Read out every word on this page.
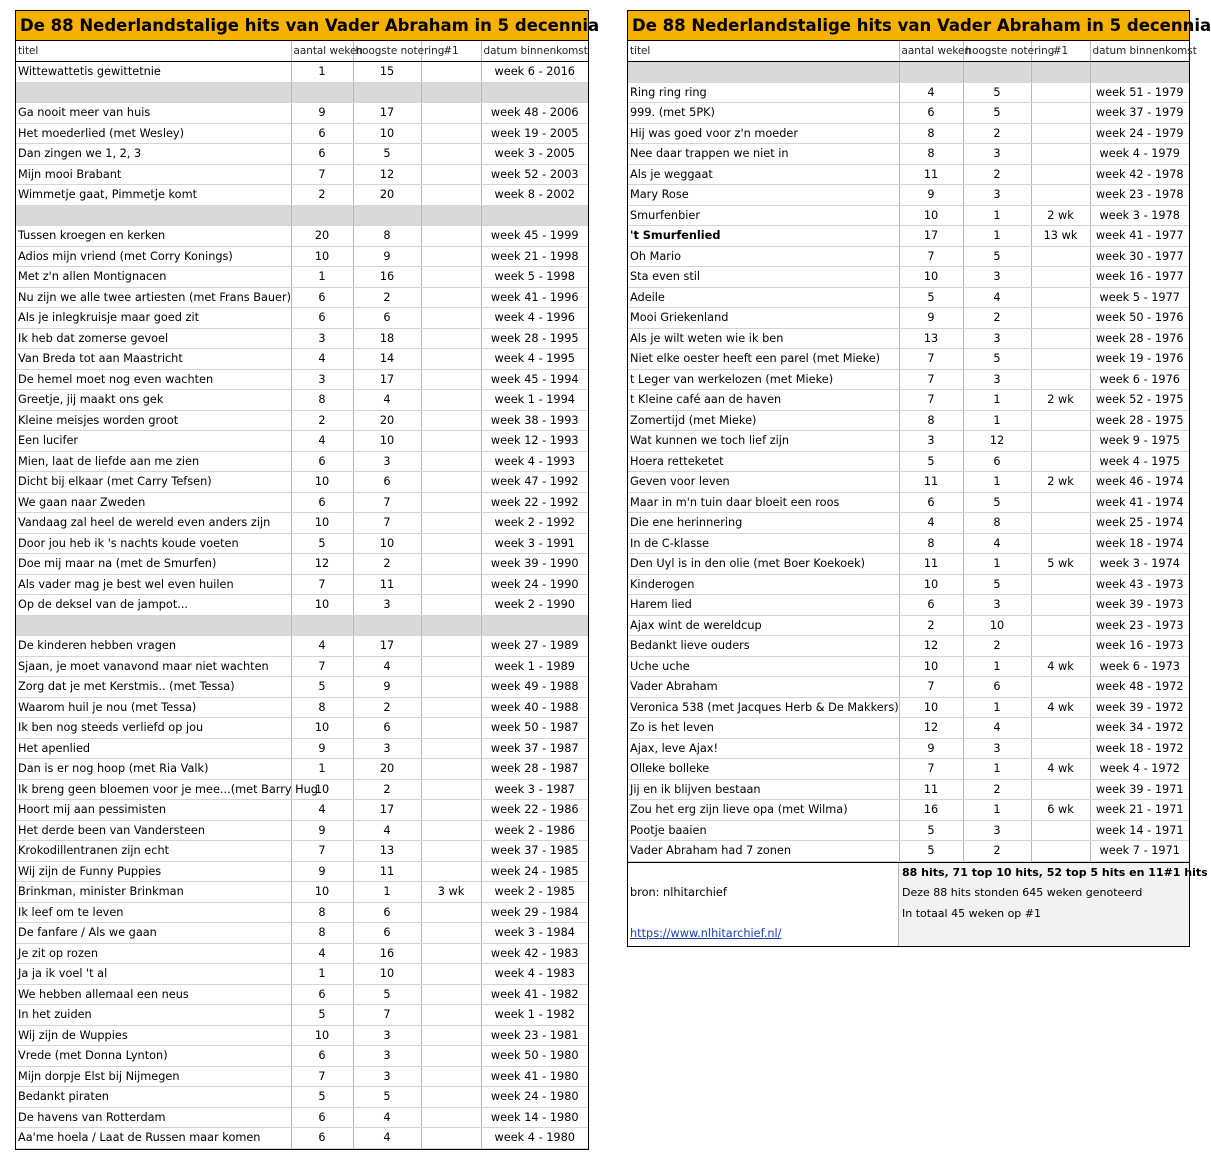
De 88 Nederlandstalige hits van Vader Abraham in 5 decennia
titel	aantal weken	hoogste notering	#1	datum binnenkomst
Wittewattetis gewittetnie	1	15		week 6 - 2016

Ga nooit meer van huis	9	17		week 48 - 2006
Het moederlied (met Wesley)	6	10		week 19 - 2005
Dan zingen we 1, 2, 3	6	5		week 3 - 2005
Mijn mooi Brabant	7	12		week 52 - 2003
Wimmetje gaat, Pimmetje komt	2	20		week 8 - 2002

Tussen kroegen en kerken	20	8		week 45 - 1999
Adios mijn vriend (met Corry Konings)	10	9		week 21 - 1998
Met z'n allen Montignacen	1	16		week 5 - 1998
Nu zijn we alle twee artiesten (met Frans Bauer)	6	2		week 41 - 1996
Als je inlegkruisje maar goed zit	6	6		week 4 - 1996
Ik heb dat zomerse gevoel	3	18		week 28 - 1995
Van Breda tot aan Maastricht	4	14		week 4 - 1995
De hemel moet nog even wachten	3	17		week 45 - 1994
Greetje, jij maakt ons gek	8	4		week 1 - 1994
Kleine meisjes worden groot	2	20		week 38 - 1993
Een lucifer	4	10		week 12 - 1993
Mien, laat de liefde aan me zien	6	3		week 4 - 1993
Dicht bij elkaar (met Carry Tefsen)	10	6		week 47 - 1992
We gaan naar Zweden	6	7		week 22 - 1992
Vandaag zal heel de wereld even anders zijn	10	7		week 2 - 1992
Door jou heb ik 's nachts koude voeten	5	10		week 3 - 1991
Doe mij maar na (met de Smurfen)	12	2		week 39 - 1990
Als vader mag je best wel even huilen	7	11		week 24 - 1990
Op de deksel van de jampot...	10	3		week 2 - 1990

De kinderen hebben vragen	4	17		week 27 - 1989
Sjaan, je moet vanavond maar niet wachten	7	4		week 1 - 1989
Zorg dat je met Kerstmis.. (met Tessa)	5	9		week 49 - 1988
Waarom huil je nou (met Tessa)	8	2		week 40 - 1988
Ik ben nog steeds verliefd op jou	10	6		week 50 - 1987
Het apenlied	9	3		week 37 - 1987
Dan is er nog hoop (met Ria Valk)	1	20		week 28 - 1987
Ik breng geen bloemen voor je mee...(met Barry Hug	10	2		week 3 - 1987
Hoort mij aan pessimisten	4	17		week 22 - 1986
Het derde been van Vandersteen	9	4		week 2 - 1986
Krokodillentranen zijn echt	7	13		week 37 - 1985
Wij zijn de Funny Puppies	9	11		week 24 - 1985
Brinkman, minister Brinkman	10	1	3 wk	week 2 - 1985
Ik leef om te leven	8	6		week 29 - 1984
De fanfare / Als we gaan	8	6		week 3 - 1984
Je zit op rozen	4	16		week 42 - 1983
Ja ja ik voel 't al	1	10		week 4 - 1983
We hebben allemaal een neus	6	5		week 41 - 1982
In het zuiden	5	7		week 1 - 1982
Wij zijn de Wuppies	10	3		week 23 - 1981
Vrede (met Donna Lynton)	6	3		week 50 - 1980
Mijn dorpje Elst bij Nijmegen	7	3		week 41 - 1980
Bedankt piraten	5	5		week 24 - 1980
De havens van Rotterdam	6	4		week 14 - 1980
Aa'me hoela / Laat de Russen maar komen	6	4		week 4 - 1980
De 88 Nederlandstalige hits van Vader Abraham in 5 decennia
titel	aantal weken	hoogste notering	#1	datum binnenkomst

Ring ring ring	4	5		week 51 - 1979
999. (met 5PK)	6	5		week 37 - 1979
Hij was goed voor z'n moeder	8	2		week 24 - 1979
Nee daar trappen we niet in	8	3		week 4 - 1979
Als je weggaat	11	2		week 42 - 1978
Mary Rose	9	3		week 23 - 1978
Smurfenbier	10	1	2 wk	week 3 - 1978
't Smurfenlied	17	1	13 wk	week 41 - 1977
Oh Mario	7	5		week 30 - 1977
Sta even stil	10	3		week 16 - 1977
Adeile	5	4		week 5 - 1977
Mooi Griekenland	9	2		week 50 - 1976
Als je wilt weten wie ik ben	13	3		week 28 - 1976
Niet elke oester heeft een parel (met Mieke)	7	5		week 19 - 1976
t Leger van werkelozen (met Mieke)	7	3		week 6 - 1976
t Kleine café aan de haven	7	1	2 wk	week 52 - 1975
Zomertijd (met Mieke)	8	1		week 28 - 1975
Wat kunnen we toch lief zijn	3	12		week 9 - 1975
Hoera retteketet	5	6		week 4 - 1975
Geven voor leven	11	1	2 wk	week 46 - 1974
Maar in m'n tuin daar bloeit een roos	6	5		week 41 - 1974
Die ene herinnering	4	8		week 25 - 1974
In de C-klasse	8	4		week 18 - 1974
Den Uyl is in den olie (met Boer Koekoek)	11	1	5 wk	week 3 - 1974
Kinderogen	10	5		week 43 - 1973
Harem lied	6	3		week 39 - 1973
Ajax wint de wereldcup	2	10		week 23 - 1973
Bedankt lieve ouders	12	2		week 16 - 1973
Uche uche	10	1	4 wk	week 6 - 1973
Vader Abraham	7	6		week 48 - 1972
Veronica 538 (met Jacques Herb & De Makkers)	10	1	4 wk	week 39 - 1972
Zo is het leven	12	4		week 34 - 1972
Ajax, leve Ajax!	9	3		week 18 - 1972
Olleke bolleke	7	1	4 wk	week 4 - 1972
Jij en ik blijven bestaan	11	2		week 39 - 1971
Zou het erg zijn lieve opa (met Wilma)	16	1	6 wk	week 21 - 1971
Pootje baaien	5	3		week 14 - 1971
Vader Abraham had 7 zonen	5	2		week 7 - 1971
bron: nlhitarchief
https://www.nlhitarchief.nl/
88 hits, 71 top 10 hits, 52 top 5 hits en 11#1 hits
Deze 88 hits stonden 645 weken genoteerd
In totaal 45 weken op #1
